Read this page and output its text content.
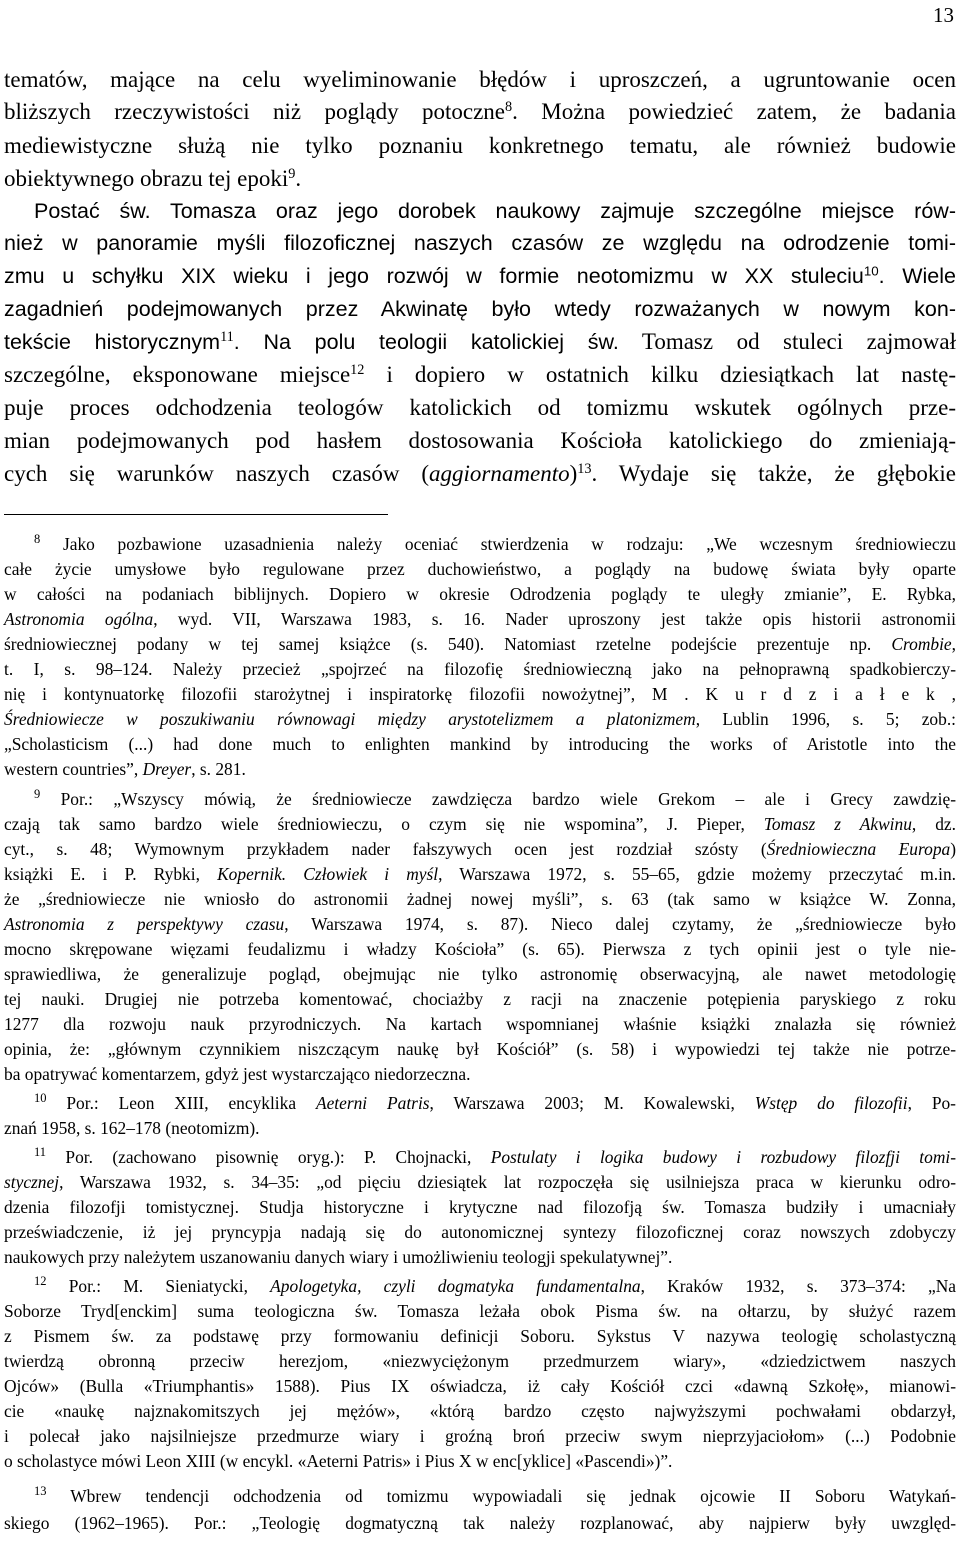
13
tematów, mające na celu wyeliminowanie błędów i uproszczeń, a ugruntowanie ocen
bliższych rzeczywistości niż poglądy potoczne$^8$. Można powiedzieć zatem, że badania
mediewistyczne służą nie tylko poznaniu konkretnego tematu, ale również budowie
obiektywnego obrazu tej epoki$^9$.
Postać św. Tomasza oraz jego dorobek naukowy zajmuje szczególne miejsce rów-
nież w panoramie myśli filozoficznej naszych czasów ze względu na odrodzenie tomi-
zmu u schyłku XIX wieku i jego rozwój w formie neotomizmu w XX stuleciu$^{10}$. Wiele
zagadnień podejmowanych przez Akwinatę było wtedy rozważanych w nowym kon-
tekście historycznym$^{11}$. Na polu teologii katolickiej św. Tomasz od stuleci zajmował
szczególne, eksponowane miejsce$^{12}$ i dopiero w ostatnich kilku dziesiątkach lat nastę-
puje proces odchodzenia teologów katolickich od tomizmu wskutek ogólnych prze-
mian podejmowanych pod hasłem dostosowania Kościoła katolickiego do zmieniają-
cych się warunków naszych czasów (aggiornamento)$^{13}$. Wydaje się także, że głębokie
8 Jako pozbawione uzasadnienia należy oceniać stwierdzenia w rodzaju: „We wczesnym średniowieczu
całe życie umysłowe było regulowane przez duchowieństwo, a poglądy na budowę świata były oparte
w całości na podaniach biblijnych. Dopiero w okresie Odrodzenia poglądy te uległy zmianie”, E. Rybka,
Astronomia ogólna, wyd. VII, Warszawa 1983, s. 16. Nader uproszony jest także opis historii astronomii
średniowiecznej podany w tej samej książce (s. 540). Natomiast rzetelne podejście prezentuje np. Crombie,
t. I, s. 98–124. Należy przecież „spojrzeć na filozofię średniowieczną jako na pełnoprawną spadkobierczy-
nię i kontynuatorkę filozofii starożytnej i inspiratorkę filozofii nowożytnej”, M . K u r d z i a ł e k ,
Średniowiecze w poszukiwaniu równowagi między arystotelizmem a platonizmem, Lublin 1996, s. 5; zob.:
„Scholasticism (...) had done much to enlighten mankind by introducing the works of Aristotle into the
western countries”, Dreyer, s. 281.
9 Por.: „Wszyscy mówią, że średniowiecze zawdzięcza bardzo wiele Grekom – ale i Grecy zawdzię-
czają tak samo bardzo wiele średniowieczu, o czym się nie wspomina”, J. Pieper, Tomasz z Akwinu, dz.
cyt., s. 48; Wymownym przykładem nader fałszywych ocen jest rozdział szósty (Średniowieczna Europa)
książki E. i P. Rybki, Kopernik. Człowiek i myśl, Warszawa 1972, s. 55–65, gdzie możemy przeczytać m.in.
że „średniowiecze nie wniosło do astronomii żadnej nowej myśli”, s. 63 (tak samo w książce W. Zonna,
Astronomia z perspektywy czasu, Warszawa 1974, s. 87). Nieco dalej czytamy, że „średniowiecze było
mocno skrępowane więzami feudalizmu i władzy Kościoła” (s. 65). Pierwsza z tych opinii jest o tyle nie-
sprawiedliwa, że generalizuje pogląd, obejmując nie tylko astronomię obserwacyjną, ale nawet metodologię
tej nauki. Drugiej nie potrzeba komentować, chociażby z racji na znaczenie potępienia paryskiego z roku
1277 dla rozwoju nauk przyrodniczych. Na kartach wspomnianej właśnie książki znalazła się również
opinia, że: „głównym czynnikiem niszczącym naukę był Kościół” (s. 58) i wypowiedzi tej także nie potrze-
ba opatrywać komentarzem, gdyż jest wystarczająco niedorzeczna.
10 Por.: Leon XIII, encyklika Aeterni Patris, Warszawa 2003; M. Kowalewski, Wstęp do filozofii, Po-
znań 1958, s. 162–178 (neotomizm).
11 Por. (zachowano pisownię oryg.): P. Chojnacki, Postulaty i logika budowy i rozbudowy filozfji tomi-
stycznej, Warszawa 1932, s. 34–35: „od pięciu dziesiątek lat rozpoczęła się usilniejsza praca w kierunku odro-
dzenia filozofji tomistycznej. Studja historyczne i krytyczne nad filozofją św. Tomasza budziły i umacniały
przeświadczenie, iż jej pryncypja nadają się do autonomicznej syntezy filozoficznej coraz nowszych zdobyczy
naukowych przy należytem uszanowaniu danych wiary i umożliwieniu teologji spekulatywnej”.
12 Por.: M. Sieniatycki, Apologetyka, czyli dogmatyka fundamentalna, Kraków 1932, s. 373–374: „Na
Soborze Tryd[enckim] suma teologiczna św. Tomasza leżała obok Pisma św. na ołtarzu, by służyć razem
z Pismem św. za podstawę przy formowaniu definicji Soboru. Sykstus V nazywa teologię scholastyczną
twierdzą obronną przeciw herezjom, «niezwyciężonym przedmurzem wiary», «dziedzictwem naszych
Ojców» (Bulla «Triumphantis» 1588). Pius IX oświadcza, iż cały Kościół czci «dawną Szkołę», mianowi-
cie «naukę najznakomitszych jej mężów», «którą bardzo często najwyższymi pochwałami obdarzył,
i polecał jako najsilniejsze przedmurze wiary i groźną broń przeciw swym nieprzyjaciołom» (...) Podobnie
o scholastyce mówi Leon XIII (w encykl. «Aeterni Patris» i Pius X w enc[yklice] «Pascendi»)”.
13 Wbrew tendencji odchodzenia od tomizmu wypowiadali się jednak ojcowie II Soboru Watykań-
skiego (1962–1965). Por.: „Teologię dogmatyczną tak należy rozplanować, aby najpierw były uwzględ-
